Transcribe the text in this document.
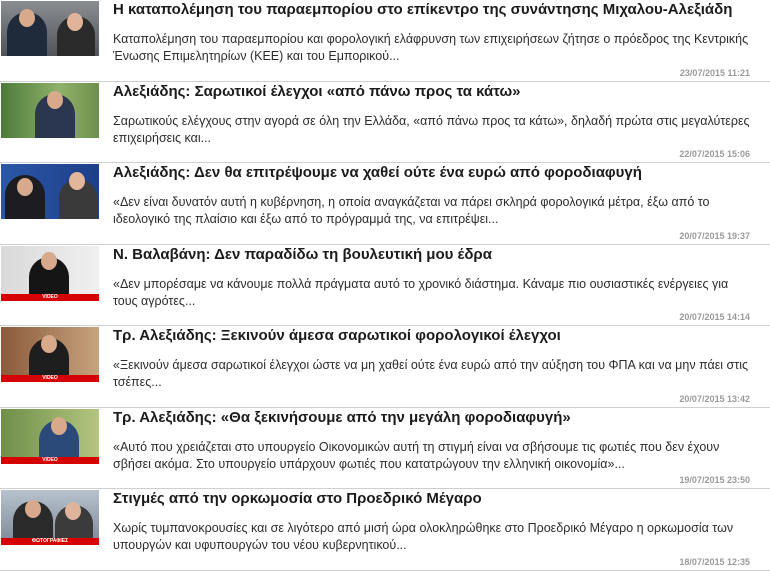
Η καταπολέμηση του παραεμπορίου στο επίκεντρο της συνάντησης Μιχαλου-Αλεξιάδη
Καταπολέμηση του παραεμπορίου και φορολογική ελάφρυνση των επιχειρήσεων ζήτησε ο πρόεδρος της Κεντρικής Ένωσης Επιμελητηρίων (ΚΕΕ) και του Εμπορικού...
23/07/2015 11:21
Αλεξιάδης: Σαρωτικοί έλεγχοι «από πάνω προς τα κάτω»
Σαρωτικούς ελέγχους στην αγορά σε όλη την Ελλάδα, «από πάνω προς τα κάτω», δηλαδή πρώτα στις μεγαλύτερες επιχειρήσεις και...
22/07/2015 15:06
Αλεξιάδης: Δεν θα επιτρέψουμε να χαθεί ούτε ένα ευρώ από φοροδιαφυγή
«Δεν είναι δυνατόν αυτή η κυβέρνηση, η οποία αναγκάζεται να πάρει σκληρά φορολογικά μέτρα, έξω από το ιδεολογικό της πλαίσιο και έξω από το πρόγραμμά της, να επιτρέψει...
20/07/2015 19:37
VIDEO
Ν. Βαλαβάνη: Δεν παραδίδω τη βουλευτική μου έδρα
«Δεν μπορέσαμε να κάνουμε πολλά πράγματα αυτό το χρονικό διάστημα. Κάναμε πιο ουσιαστικές ενέργειες για τους αγρότες...
20/07/2015 14:14
VIDEO
Τρ. Αλεξιάδης: Ξεκινούν άμεσα σαρωτικοί φορολογικοί έλεγχοι
«Ξεκινούν άμεσα σαρωτικοί έλεγχοι ώστε να μη χαθεί ούτε ένα ευρώ από την αύξηση του ΦΠΑ και να μην πάει στις τσέπες...
20/07/2015 13:42
VIDEO
Τρ. Αλεξιάδης: «Θα ξεκινήσουμε από την μεγάλη φοροδιαφυγή»
«Αυτό που χρειάζεται στο υπουργείο Οικονομικών αυτή τη στιγμή είναι να σβήσουμε τις φωτιές που δεν έχουν σβήσει ακόμα. Στο υπουργείο υπάρχουν φωτιές που κατατρώγουν την ελληνική οικονομία»...
19/07/2015 23:50
ΦΩΤΟΓΡΑΦΙΕΣ
Στιγμές από την ορκωμοσία στο Προεδρικό Μέγαρο
Χωρίς τυμπανοκρουσίες και σε λιγότερο από μισή ώρα ολοκληρώθηκε στο Προεδρικό Μέγαρο η ορκωμοσία των υπουργών και υφυπουργών του νέου κυβερνητικού...
18/07/2015 12:35
